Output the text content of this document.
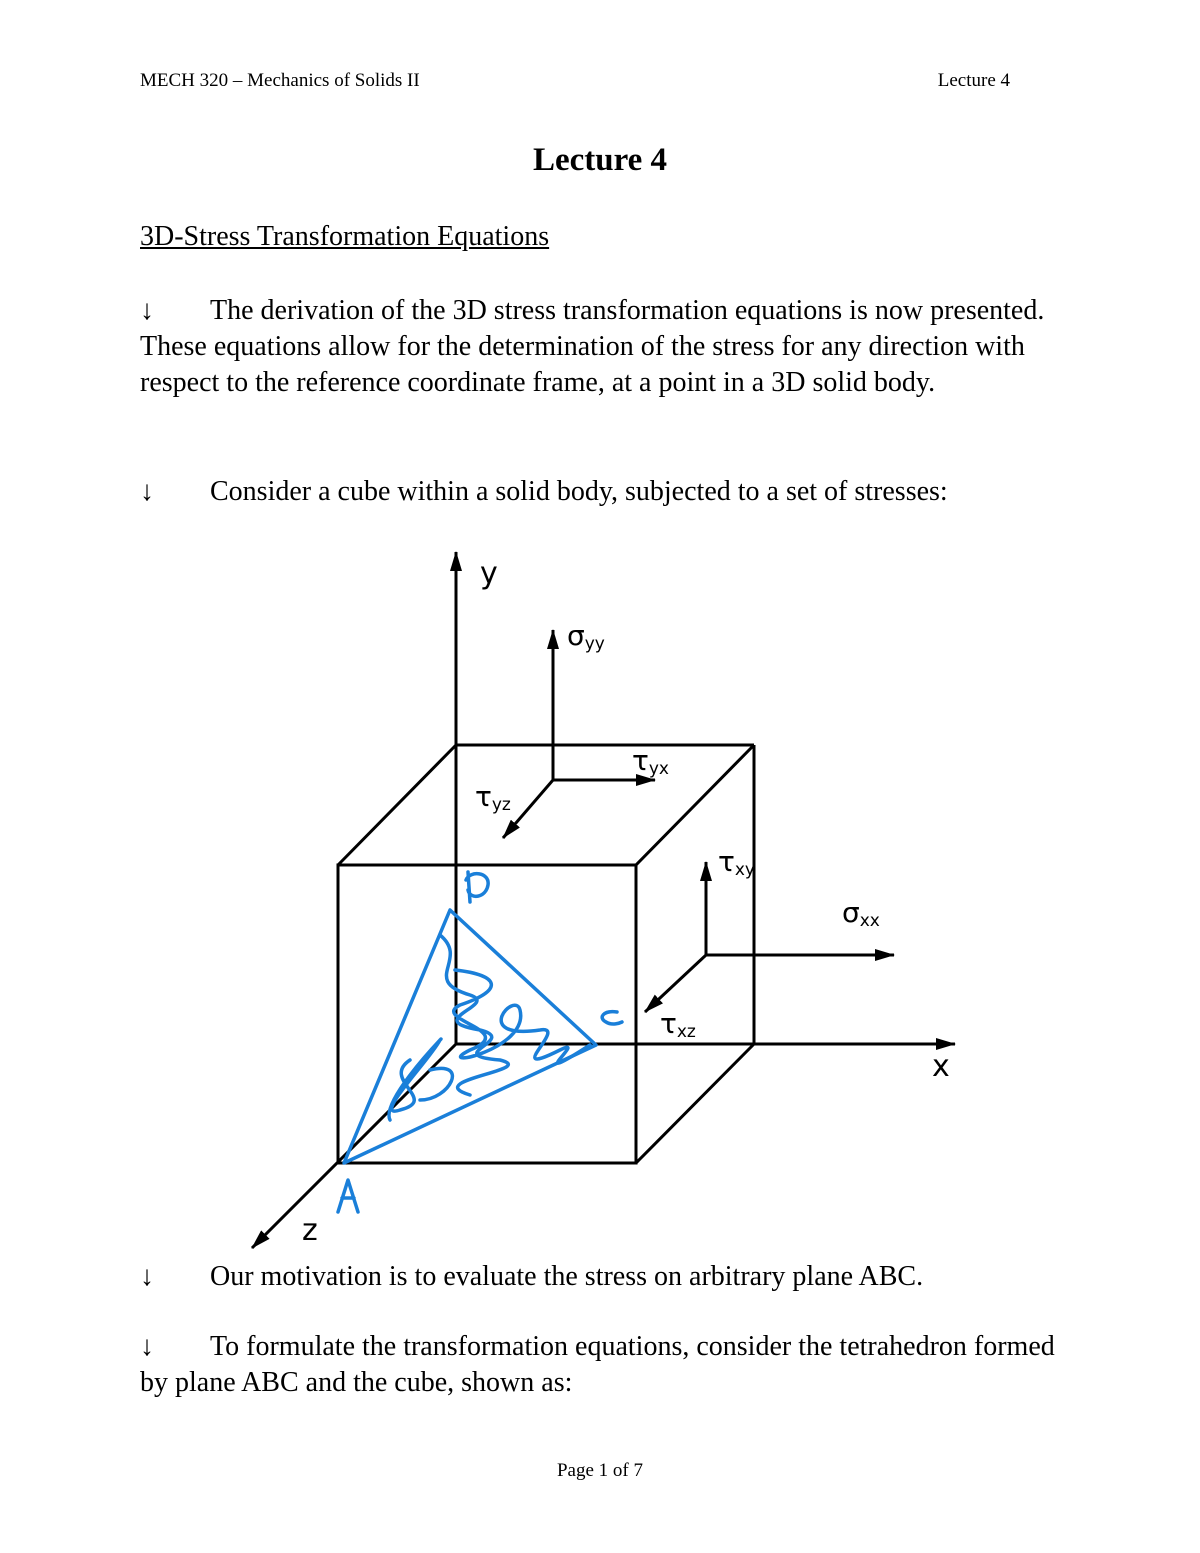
MECH 320 – Mechanics of Solids II	Lecture 4
Lecture 4
3D-Stress Transformation Equations
↓ The derivation of the 3D stress transformation equations is now presented. These equations allow for the determination of the stress for any direction with respect to the reference coordinate frame, at a point in a 3D solid body.
↓ Consider a cube within a solid body, subjected to a set of stresses:
y
x
z
σyy
τyx
τyz
τxy
σxx
τxz
↓ Our motivation is to evaluate the stress on arbitrary plane ABC.
↓ To formulate the transformation equations, consider the tetrahedron formed by plane ABC and the cube, shown as:
Page 1 of 7
